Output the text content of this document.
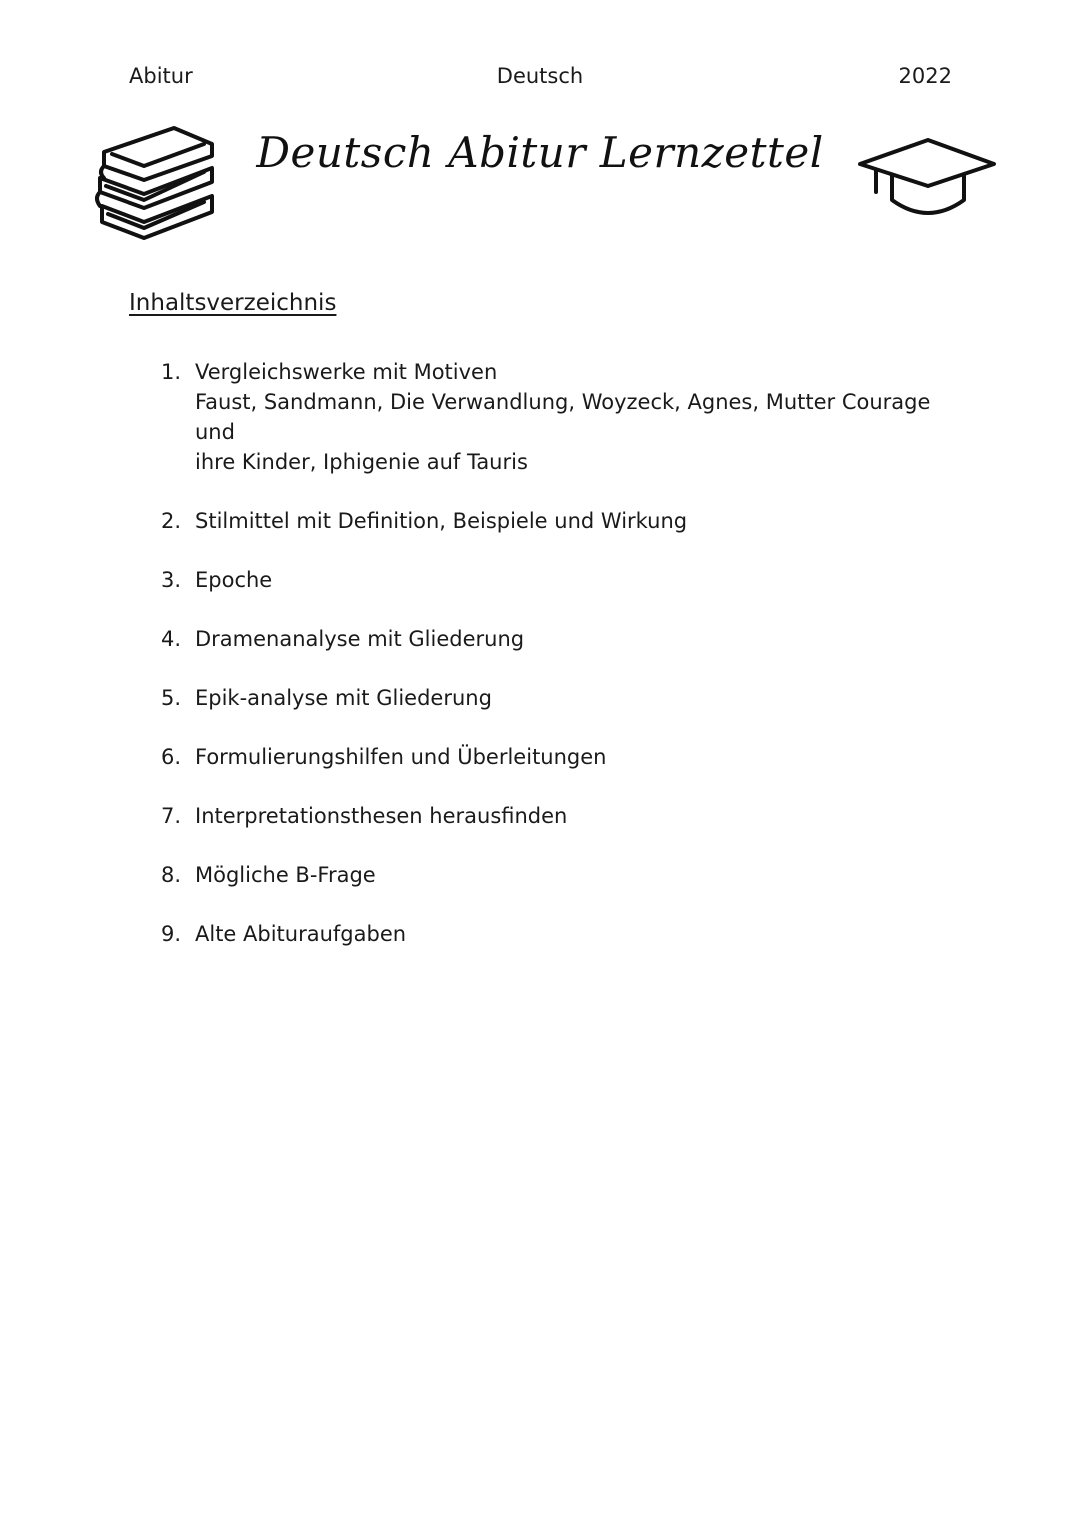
Abitur	Deutsch	2022
Deutsch Abitur Lernzettel
Inhaltsverzeichnis
1. Vergleichswerke mit Motiven
Faust, Sandmann, Die Verwandlung, Woyzeck, Agnes, Mutter Courage und
ihre Kinder, Iphigenie auf Tauris
2. Stilmittel mit Definition, Beispiele und Wirkung
3. Epoche
4. Dramenanalyse mit Gliederung
5. Epik-analyse mit Gliederung
6. Formulierungshilfen und Überleitungen
7. Interpretationsthesen herausfinden
8. Mögliche B-Frage
9. Alte Abituraufgaben
